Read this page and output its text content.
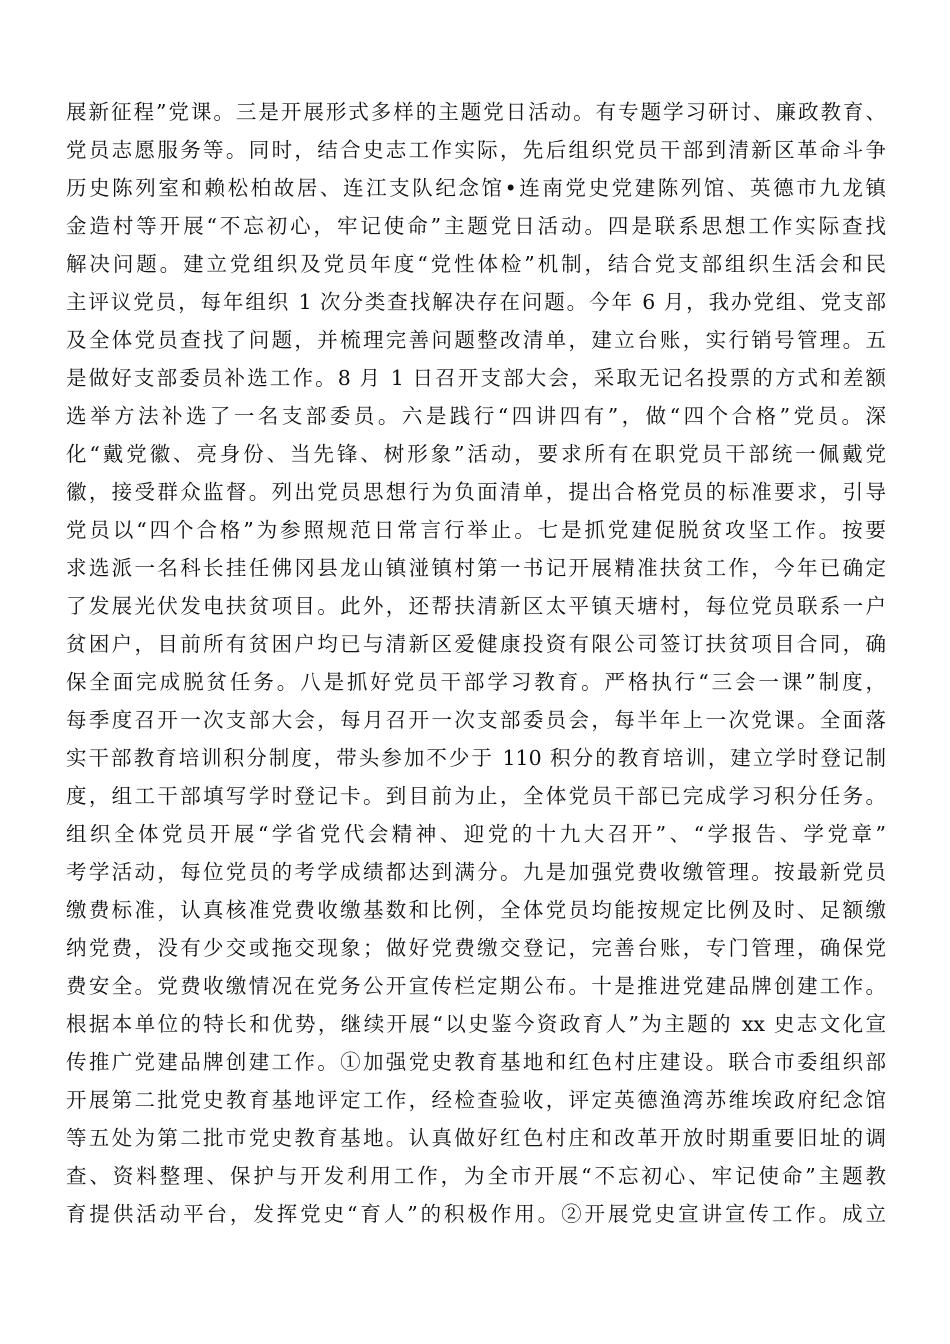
展新征程”党课。三是开展形式多样的主题党日活动。有专题学习研讨、廉政教育、
党员志愿服务等。同时，结合史志工作实际，先后组织党员干部到清新区革命斗争
历史陈列室和赖松柏故居、连江支队纪念馆•连南党史党建陈列馆、英德市九龙镇
金造村等开展“不忘初心，牢记使命”主题党日活动。四是联系思想工作实际查找
解决问题。建立党组织及党员年度“党性体检”机制，结合党支部组织生活会和民
主评议党员，每年组织 1 次分类查找解决存在问题。今年 6 月，我办党组、党支部
及全体党员查找了问题，并梳理完善问题整改清单，建立台账，实行销号管理。五
是做好支部委员补选工作。8 月 1 日召开支部大会，采取无记名投票的方式和差额
选举方法补选了一名支部委员。六是践行“四讲四有”，做“四个合格”党员。深
化“戴党徽、亮身份、当先锋、树形象”活动，要求所有在职党员干部统一佩戴党
徽，接受群众监督。列出党员思想行为负面清单，提出合格党员的标准要求，引导
党员以“四个合格”为参照规范日常言行举止。七是抓党建促脱贫攻坚工作。按要
求选派一名科长挂任佛冈县龙山镇湴镇村第一书记开展精准扶贫工作，今年已确定
了发展光伏发电扶贫项目。此外，还帮扶清新区太平镇天塘村，每位党员联系一户
贫困户，目前所有贫困户均已与清新区爱健康投资有限公司签订扶贫项目合同，确
保全面完成脱贫任务。八是抓好党员干部学习教育。严格执行“三会一课”制度，
每季度召开一次支部大会，每月召开一次支部委员会，每半年上一次党课。全面落
实干部教育培训积分制度，带头参加不少于 110 积分的教育培训，建立学时登记制
度，组工干部填写学时登记卡。到目前为止，全体党员干部已完成学习积分任务。
组织全体党员开展“学省党代会精神、迎党的十九大召开”、“学报告、学党章”
考学活动，每位党员的考学成绩都达到满分。九是加强党费收缴管理。按最新党员
缴费标准，认真核准党费收缴基数和比例，全体党员均能按规定比例及时、足额缴
纳党费，没有少交或拖交现象；做好党费缴交登记，完善台账，专门管理，确保党
费安全。党费收缴情况在党务公开宣传栏定期公布。十是推进党建品牌创建工作。
根据本单位的特长和优势，继续开展“以史鉴今资政育人”为主题的 xx 史志文化宣
传推广党建品牌创建工作。①加强党史教育基地和红色村庄建设。联合市委组织部
开展第二批党史教育基地评定工作，经检查验收，评定英德渔湾苏维埃政府纪念馆
等五处为第二批市党史教育基地。认真做好红色村庄和改革开放时期重要旧址的调
查、资料整理、保护与开发利用工作，为全市开展“不忘初心、牢记使命”主题教
育提供活动平台，发挥党史“育人”的积极作用。②开展党史宣讲宣传工作。成立
